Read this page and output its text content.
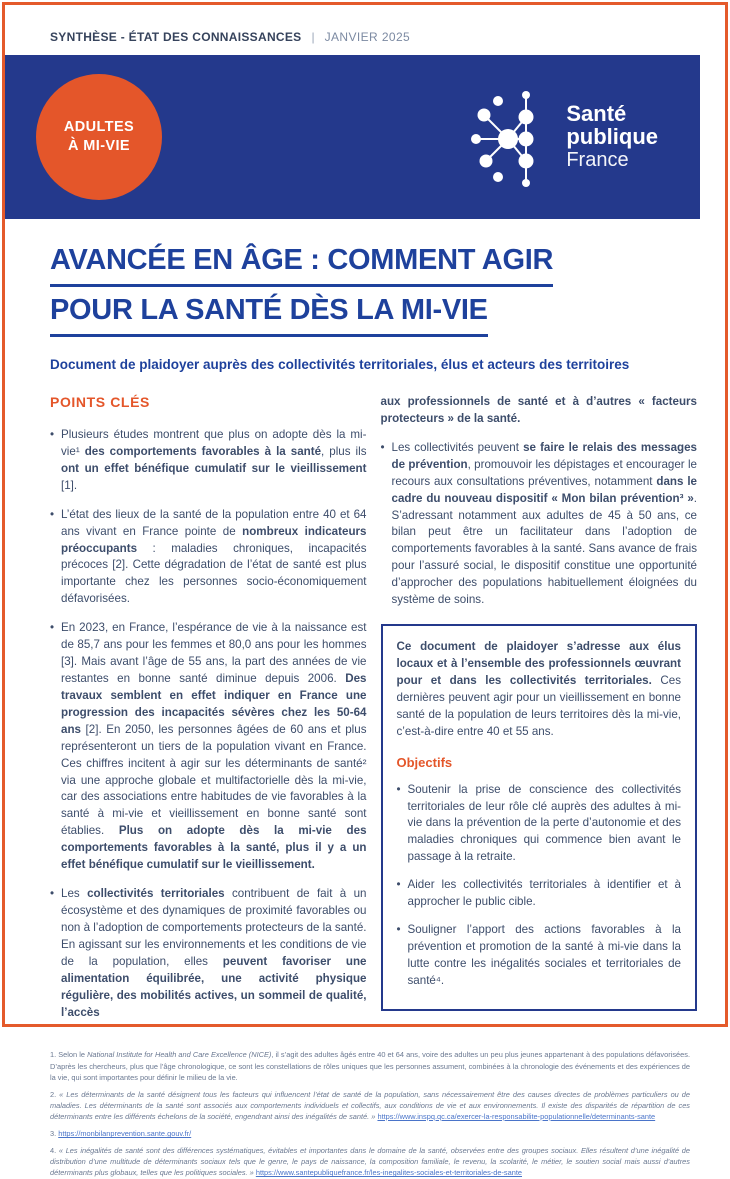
SYNTHÈSE - ÉTAT DES CONNAISSANCES | JANVIER 2025
ADULTES
À MI-VIE
Santé
publique
France
AVANCÉE EN ÂGE : COMMENT AGIR
POUR LA SANTÉ DÈS LA MI-VIE

Document de plaidoyer auprès des collectivités territoriales, élus et acteurs des territoires

POINTS CLÉS
• Plusieurs études montrent que plus on adopte dès la mi-vie¹ des comportements favorables à la santé, plus ils ont un effet bénéfique cumulatif sur le vieillissement [1].
• L’état des lieux de la santé de la population entre 40 et 64 ans vivant en France pointe de nombreux indicateurs préoccupants : maladies chroniques, incapacités précoces [2]. Cette dégradation de l’état de santé est plus importante chez les personnes socio-économiquement défavorisées.
• En 2023, en France, l’espérance de vie à la naissance est de 85,7 ans pour les femmes et 80,0 ans pour les hommes [3]. Mais avant l’âge de 55 ans, la part des années de vie restantes en bonne santé diminue depuis 2006. Des travaux semblent en effet indiquer en France une progression des incapacités sévères chez les 50-64 ans [2]. En 2050, les personnes âgées de 60 ans et plus représenteront un tiers de la population vivant en France. Ces chiffres incitent à agir sur les déterminants de santé² via une approche globale et multifactorielle dès la mi-vie, car des associations entre habitudes de vie favorables à la santé à mi-vie et vieillissement en bonne santé sont établies. Plus on adopte dès la mi-vie des comportements favorables à la santé, plus il y a un effet bénéfique cumulatif sur le vieillissement.
• Les collectivités territoriales contribuent de fait à un écosystème et des dynamiques de proximité favorables ou non à l’adoption de comportements protecteurs de la santé. En agissant sur les environnements et les conditions de vie de la population, elles peuvent favoriser une alimentation équilibrée, une activité physique régulière, des mobilités actives, un sommeil de qualité, l’accès
aux professionnels de santé et à d’autres « facteurs protecteurs » de la santé.
• Les collectivités peuvent se faire le relais des messages de prévention, promouvoir les dépistages et encourager le recours aux consultations préventives, notamment dans le cadre du nouveau dispositif « Mon bilan prévention³ ». S’adressant notamment aux adultes de 45 à 50 ans, ce bilan peut être un facilitateur dans l’adoption de comportements favorables à la santé. Sans avance de frais pour l’assuré social, le dispositif constitue une opportunité d’approcher des populations habituellement éloignées du système de soins.

Ce document de plaidoyer s’adresse aux élus locaux et à l’ensemble des professionnels œuvrant pour et dans les collectivités territoriales. Ces dernières peuvent agir pour un vieillissement en bonne santé de la population de leurs territoires dès la mi-vie, c’est-à-dire entre 40 et 55 ans.

Objectifs
• Soutenir la prise de conscience des collectivités territoriales de leur rôle clé auprès des adultes à mi-vie dans la prévention de la perte d’autonomie et des maladies chroniques qui commence bien avant le passage à la retraite.
• Aider les collectivités territoriales à identifier et à approcher le public cible.
• Souligner l’apport des actions favorables à la prévention et promotion de la santé à mi-vie dans la lutte contre les inégalités sociales et territoriales de santé⁴.
1. Selon le National Institute for Health and Care Excellence (NICE), il s’agit des adultes âgés entre 40 et 64 ans, voire des adultes un peu plus jeunes appartenant à des populations défavorisées. D’après les chercheurs, plus que l’âge chronologique, ce sont les constellations de rôles uniques que les personnes assument, combinées à la chronologie des événements et des expériences de la vie, qui sont importantes pour définir le milieu de la vie.
2. « Les déterminants de la santé désignent tous les facteurs qui influencent l’état de santé de la population, sans nécessairement être des causes directes de problèmes particuliers ou de maladies. Les déterminants de la santé sont associés aux comportements individuels et collectifs, aux conditions de vie et aux environnements. Il existe des disparités de répartition de ces déterminants entre les différents échelons de la société, engendrant ainsi des inégalités de santé. » https://www.inspq.qc.ca/exercer-la-responsabilite-populationnelle/determinants-sante
3. https://monbilanprevention.sante.gouv.fr/
4. « Les inégalités de santé sont des différences systématiques, évitables et importantes dans le domaine de la santé, observées entre des groupes sociaux. Elles résultent d’une inégalité de distribution d’une multitude de déterminants sociaux tels que le genre, le pays de naissance, la composition familiale, le revenu, la scolarité, le métier, le soutien social mais aussi d’autres déterminants plus globaux, telles que les politiques sociales. » https://www.santepubliquefrance.fr/les-inegalites-sociales-et-territoriales-de-sante
